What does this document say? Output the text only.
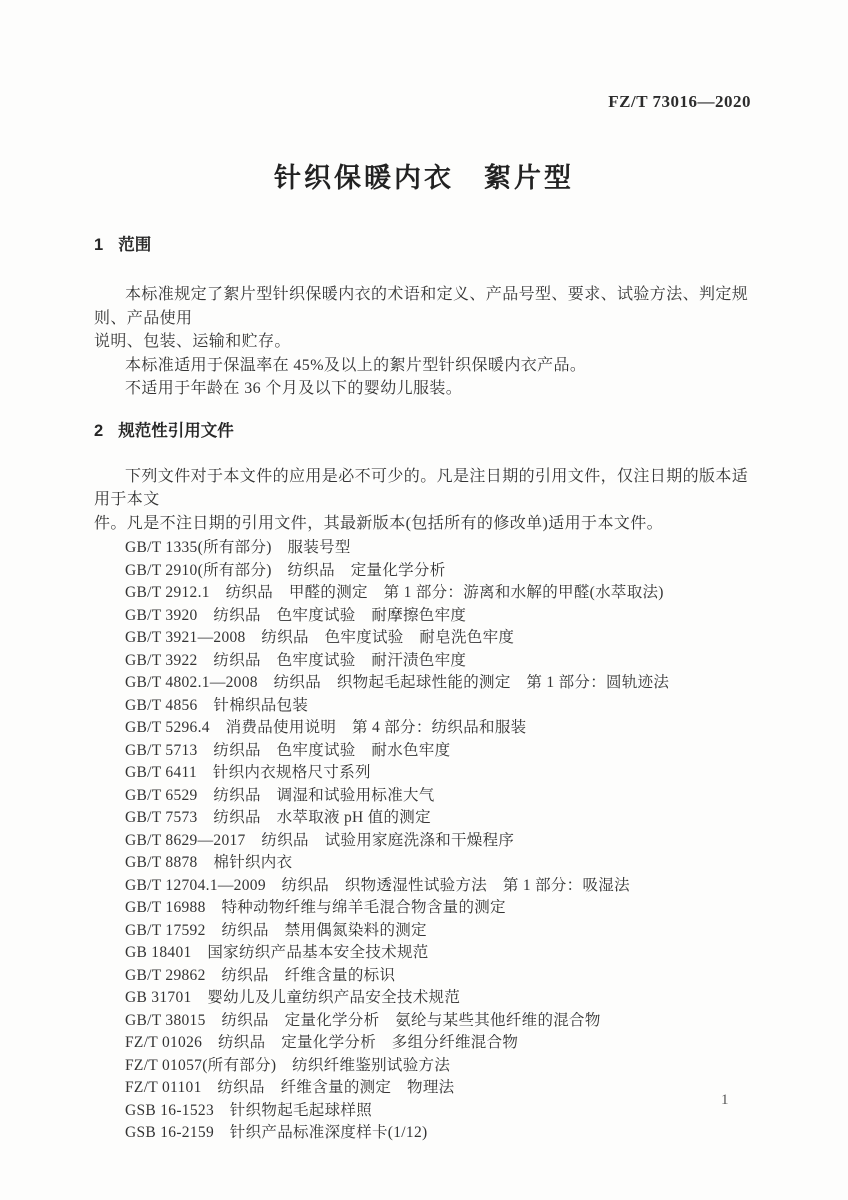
FZ/T 73016—2020
针织保暖内衣　絮片型
1 范围
本标准规定了絮片型针织保暖内衣的术语和定义、产品号型、要求、试验方法、判定规则、产品使用
说明、包装、运输和贮存。
本标准适用于保温率在 45%及以上的絮片型针织保暖内衣产品。
不适用于年龄在 36 个月及以下的婴幼儿服装。
2 规范性引用文件
下列文件对于本文件的应用是必不可少的。凡是注日期的引用文件，仅注日期的版本适用于本文
件。凡是不注日期的引用文件，其最新版本(包括所有的修改单)适用于本文件。
GB/T 1335(所有部分)　服装号型
GB/T 2910(所有部分)　纺织品　定量化学分析
GB/T 2912.1　纺织品　甲醛的测定　第 1 部分：游离和水解的甲醛(水萃取法)
GB/T 3920　纺织品　色牢度试验　耐摩擦色牢度
GB/T 3921—2008　纺织品　色牢度试验　耐皂洗色牢度
GB/T 3922　纺织品　色牢度试验　耐汗渍色牢度
GB/T 4802.1—2008　纺织品　织物起毛起球性能的测定　第 1 部分：圆轨迹法
GB/T 4856　针棉织品包装
GB/T 5296.4　消费品使用说明　第 4 部分：纺织品和服装
GB/T 5713　纺织品　色牢度试验　耐水色牢度
GB/T 6411　针织内衣规格尺寸系列
GB/T 6529　纺织品　调湿和试验用标准大气
GB/T 7573　纺织品　水萃取液 pH 值的测定
GB/T 8629—2017　纺织品　试验用家庭洗涤和干燥程序
GB/T 8878　棉针织内衣
GB/T 12704.1—2009　纺织品　织物透湿性试验方法　第 1 部分：吸湿法
GB/T 16988　特种动物纤维与绵羊毛混合物含量的测定
GB/T 17592　纺织品　禁用偶氮染料的测定
GB 18401　国家纺织产品基本安全技术规范
GB/T 29862　纺织品　纤维含量的标识
GB 31701　婴幼儿及儿童纺织产品安全技术规范
GB/T 38015　纺织品　定量化学分析　氨纶与某些其他纤维的混合物
FZ/T 01026　纺织品　定量化学分析　多组分纤维混合物
FZ/T 01057(所有部分)　纺织纤维鉴别试验方法
FZ/T 01101　纺织品　纤维含量的测定　物理法
GSB 16-1523　针织物起毛起球样照
GSB 16-2159　针织产品标准深度样卡(1/12)
1
